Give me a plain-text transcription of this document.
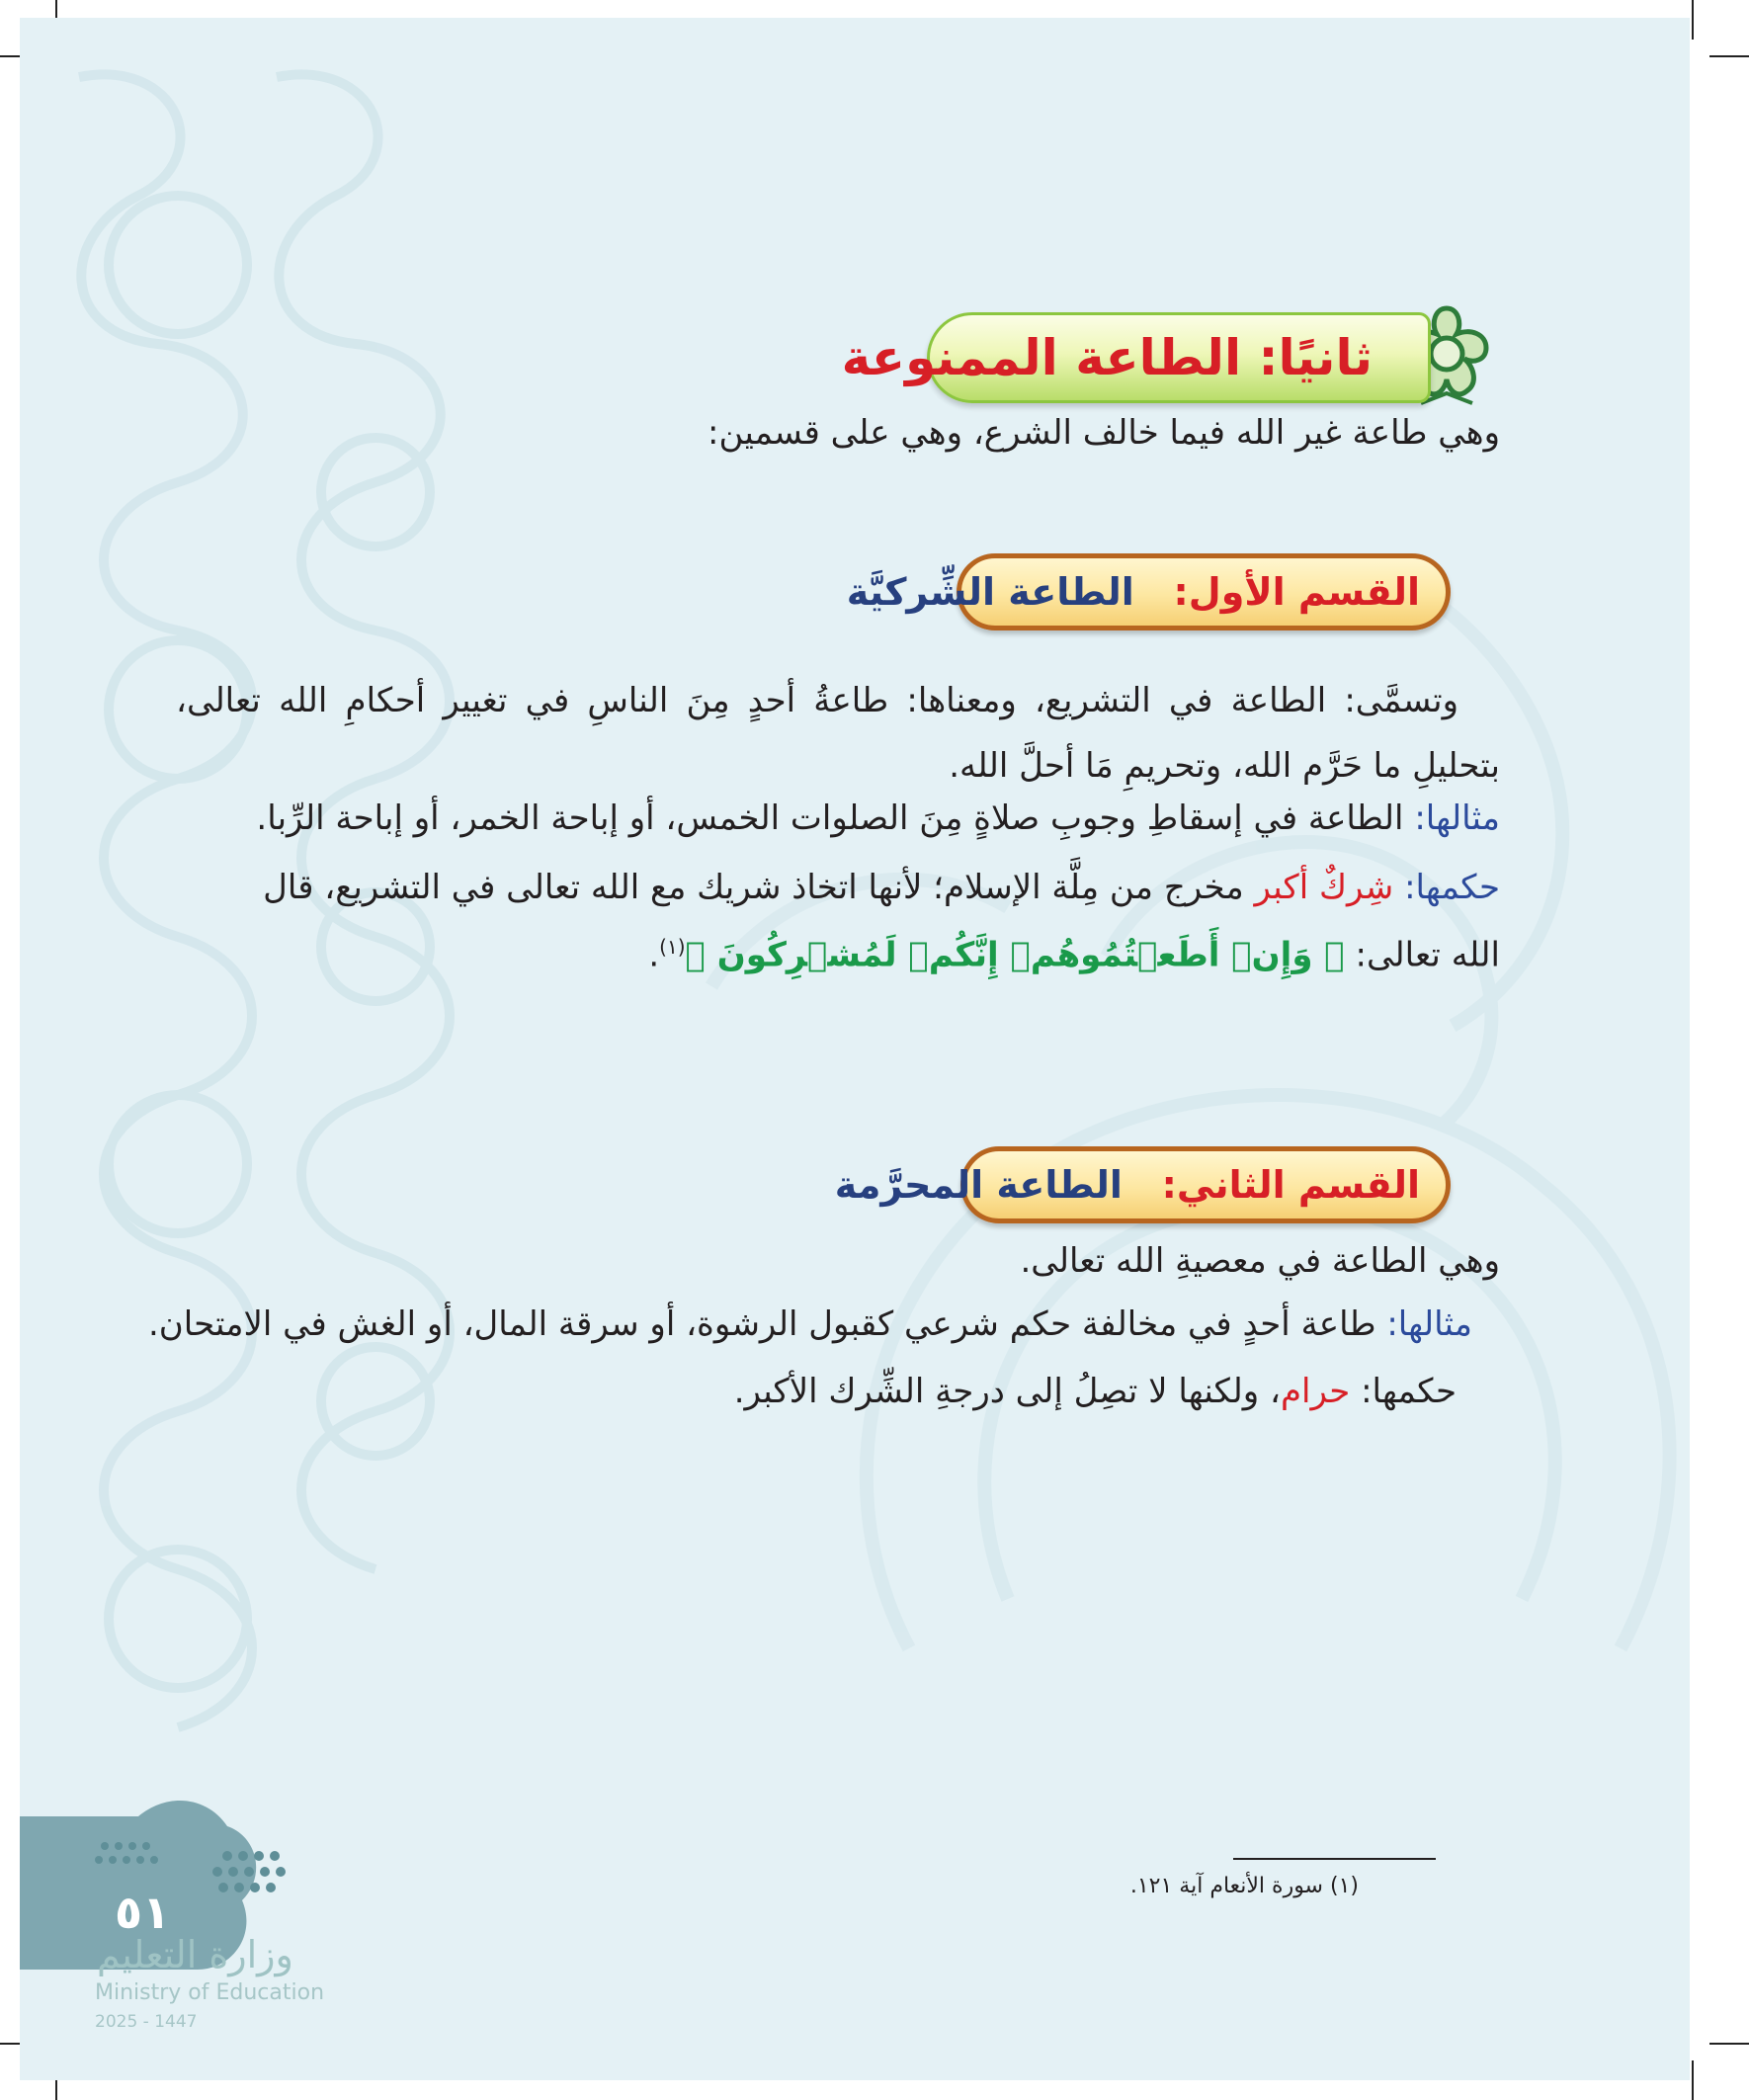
ثانيًا: الطاعة الممنوعة
وهي طاعة غير الله فيما خالف الشرع، وهي على قسمين:
القسم الأول:   الطاعة الشِّركيَّة
وتسمَّى: الطاعة في التشريع، ومعناها: طاعةُ أحدٍ مِنَ الناسِ في تغيير أحكامِ الله تعالى، بتحليلِ ما حَرَّم الله، وتحريمِ مَا أحلَّ الله.
مثالها: الطاعة في إسقاطِ وجوبِ صلاةٍ مِنَ الصلوات الخمس، أو إباحة الخمر، أو إباحة الرِّبا.
حكمها: شِركٌ أكبر مخرج من مِلَّة الإسلام؛ لأنها اتخاذ شريك مع الله تعالى في التشريع، قال
الله تعالى: ﴿ وَإِنۡ أَطَعۡتُمُوهُمۡ إِنَّكُمۡ لَمُشۡرِكُونَ ﴾$^{(١)}$.
القسم الثاني:   الطاعة المحرَّمة
وهي الطاعة في معصيةِ الله تعالى.
مثالها: طاعة أحدٍ في مخالفة حكم شرعي كقبول الرشوة، أو سرقة المال، أو الغش في الامتحان.
حكمها: حرام، ولكنها لا تصِلُ إلى درجةِ الشِّرك الأكبر.
(١) سورة الأنعام آية ١٢١.
٥١
وزارة التعليم
Ministry of Education
2025 - 1447
